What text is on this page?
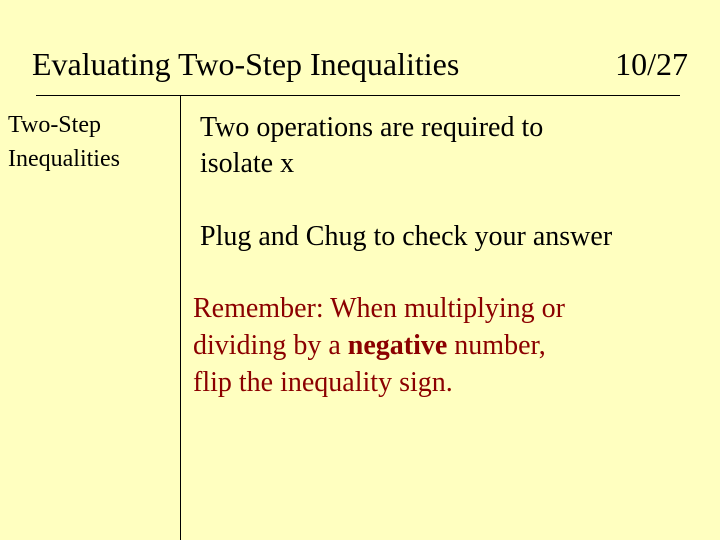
Evaluating Two-Step Inequalities	10/27
Two-Step
Inequalities
Two operations are required to
isolate x
Plug and Chug to check your answer
Remember: When multiplying or
dividing by a negative number,
flip the inequality sign.
